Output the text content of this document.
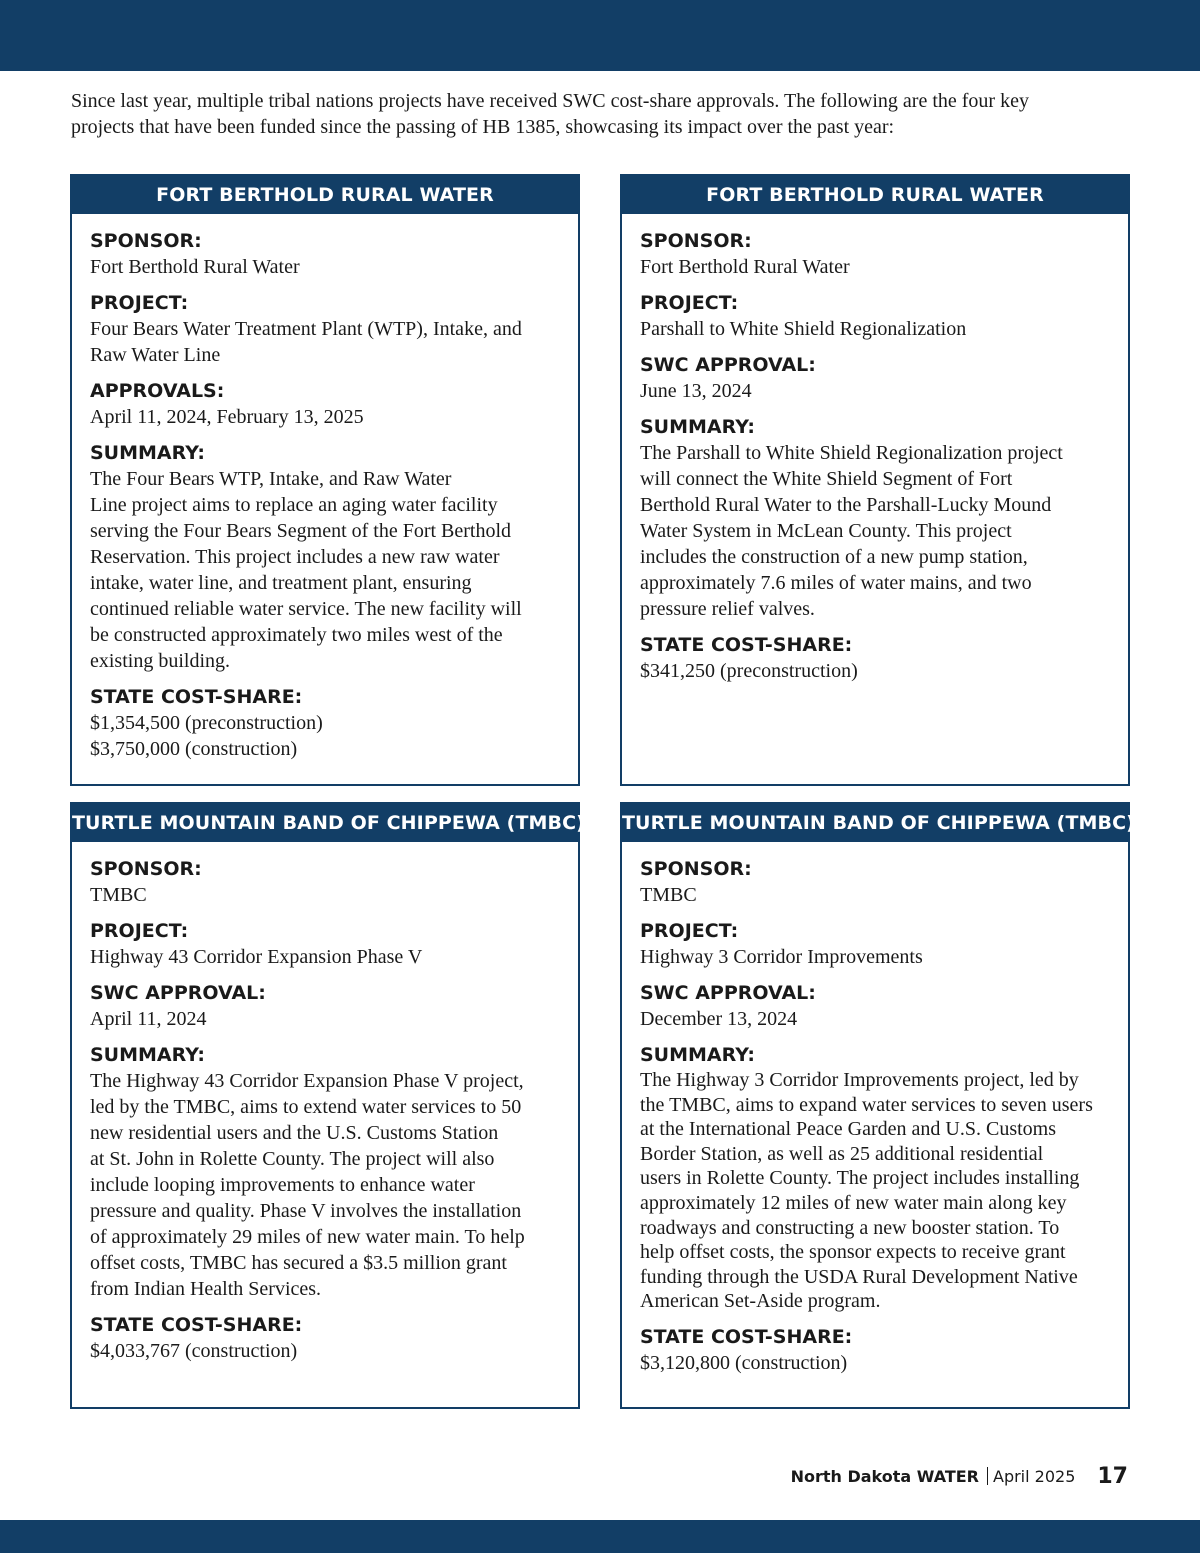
Since last year, multiple tribal nations projects have received SWC cost-share approvals. The following are the four key
projects that have been funded since the passing of HB 1385, showcasing its impact over the past year:

FORT BERTHOLD RURAL WATER
SPONSOR:
Fort Berthold Rural Water
PROJECT:
Four Bears Water Treatment Plant (WTP), Intake, and
Raw Water Line
APPROVALS:
April 11, 2024, February 13, 2025
SUMMARY:
The Four Bears WTP, Intake, and Raw Water
Line project aims to replace an aging water facility
serving the Four Bears Segment of the Fort Berthold
Reservation. This project includes a new raw water
intake, water line, and treatment plant, ensuring
continued reliable water service. The new facility will
be constructed approximately two miles west of the
existing building.
STATE COST-SHARE:
$1,354,500 (preconstruction)
$3,750,000 (construction)
FORT BERTHOLD RURAL WATER
SPONSOR:
Fort Berthold Rural Water
PROJECT:
Parshall to White Shield Regionalization
SWC APPROVAL:
June 13, 2024
SUMMARY:
The Parshall to White Shield Regionalization project
will connect the White Shield Segment of Fort
Berthold Rural Water to the Parshall-Lucky Mound
Water System in McLean County. This project
includes the construction of a new pump station,
approximately 7.6 miles of water mains, and two
pressure relief valves.
STATE COST-SHARE:
$341,250 (preconstruction)
TURTLE MOUNTAIN BAND OF CHIPPEWA (TMBC)
SPONSOR:
TMBC
PROJECT:
Highway 43 Corridor Expansion Phase V
SWC APPROVAL:
April 11, 2024
SUMMARY:
The Highway 43 Corridor Expansion Phase V project,
led by the TMBC, aims to extend water services to 50
new residential users and the U.S. Customs Station
at St. John in Rolette County. The project will also
include looping improvements to enhance water
pressure and quality. Phase V involves the installation
of approximately 29 miles of new water main. To help
offset costs, TMBC has secured a $3.5 million grant
from Indian Health Services.
STATE COST-SHARE:
$4,033,767 (construction)
TURTLE MOUNTAIN BAND OF CHIPPEWA (TMBC)
SPONSOR:
TMBC
PROJECT:
Highway 3 Corridor Improvements
SWC APPROVAL:
December 13, 2024
SUMMARY:
The Highway 3 Corridor Improvements project, led by
the TMBC, aims to expand water services to seven users
at the International Peace Garden and U.S. Customs
Border Station, as well as 25 additional residential
users in Rolette County. The project includes installing
approximately 12 miles of new water main along key
roadways and constructing a new booster station. To
help offset costs, the sponsor expects to receive grant
funding through the USDA Rural Development Native
American Set-Aside program.
STATE COST-SHARE:
$3,120,800 (construction)
North Dakota WATER April 2025 17
